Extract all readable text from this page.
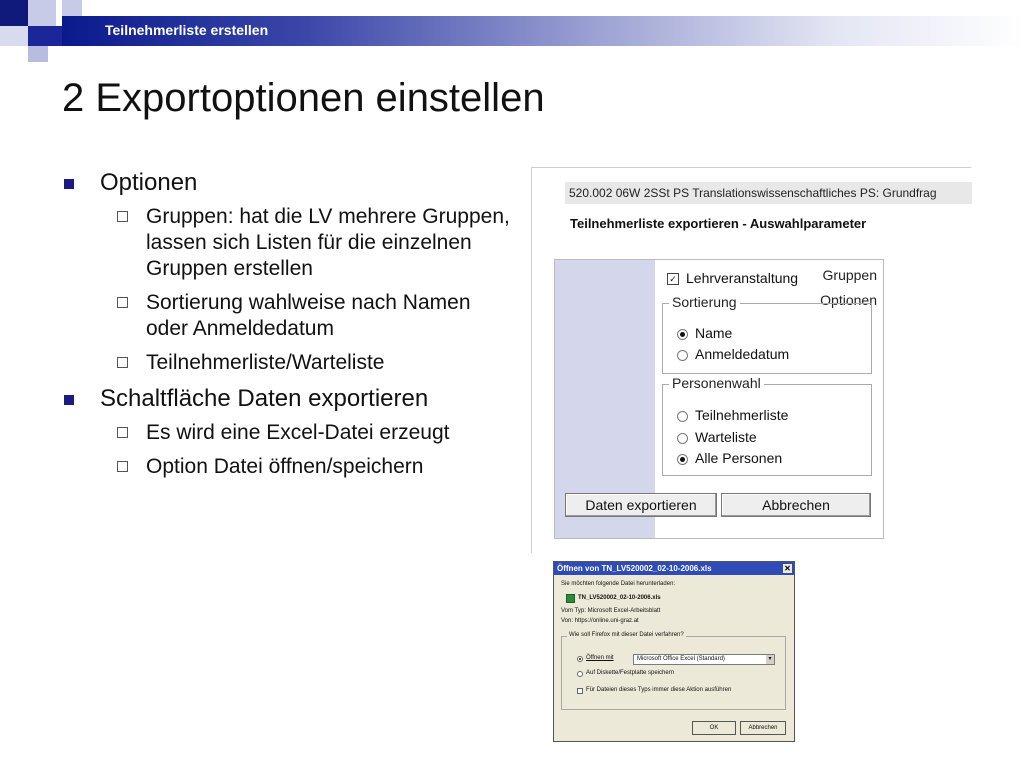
Teilnehmerliste erstellen
2 Exportoptionen einstellen
Optionen
Gruppen: hat die LV mehrere Gruppen, lassen sich Listen für die einzelnen Gruppen erstellen
Sortierung wahlweise nach Namen oder Anmeldedatum
Teilnehmerliste/Warteliste
Schaltfläche Daten exportieren
Es wird eine Excel-Datei erzeugt
Option Datei öffnen/speichern
520.002 06W 2SSt PS Translationswissenschaftliches PS: Grundfrag
Teilnehmerliste exportieren - Auswahlparameter
Gruppen
Optionen
✓ Lehrveranstaltung
Sortierung
Name
Anmeldedatum
Personenwahl
Teilnehmerliste
Warteliste
Alle Personen
Daten exportieren	Abbrechen
Öffnen von TN_LV520002_02-10-2006.xls	✕
Sie möchten folgende Datei herunterladen:
TN_LV520002_02-10-2006.xls
Vom Typ: Microsoft Excel-Arbeitsblatt
Von: https://online.uni-graz.at
Wie soll Firefox mit dieser Datei verfahren?
Öffnen mit	Microsoft Office Excel (Standard)	▾
Auf Diskette/Festplatte speichern
Für Dateien dieses Typs immer diese Aktion ausführen
OK	Abbrechen
